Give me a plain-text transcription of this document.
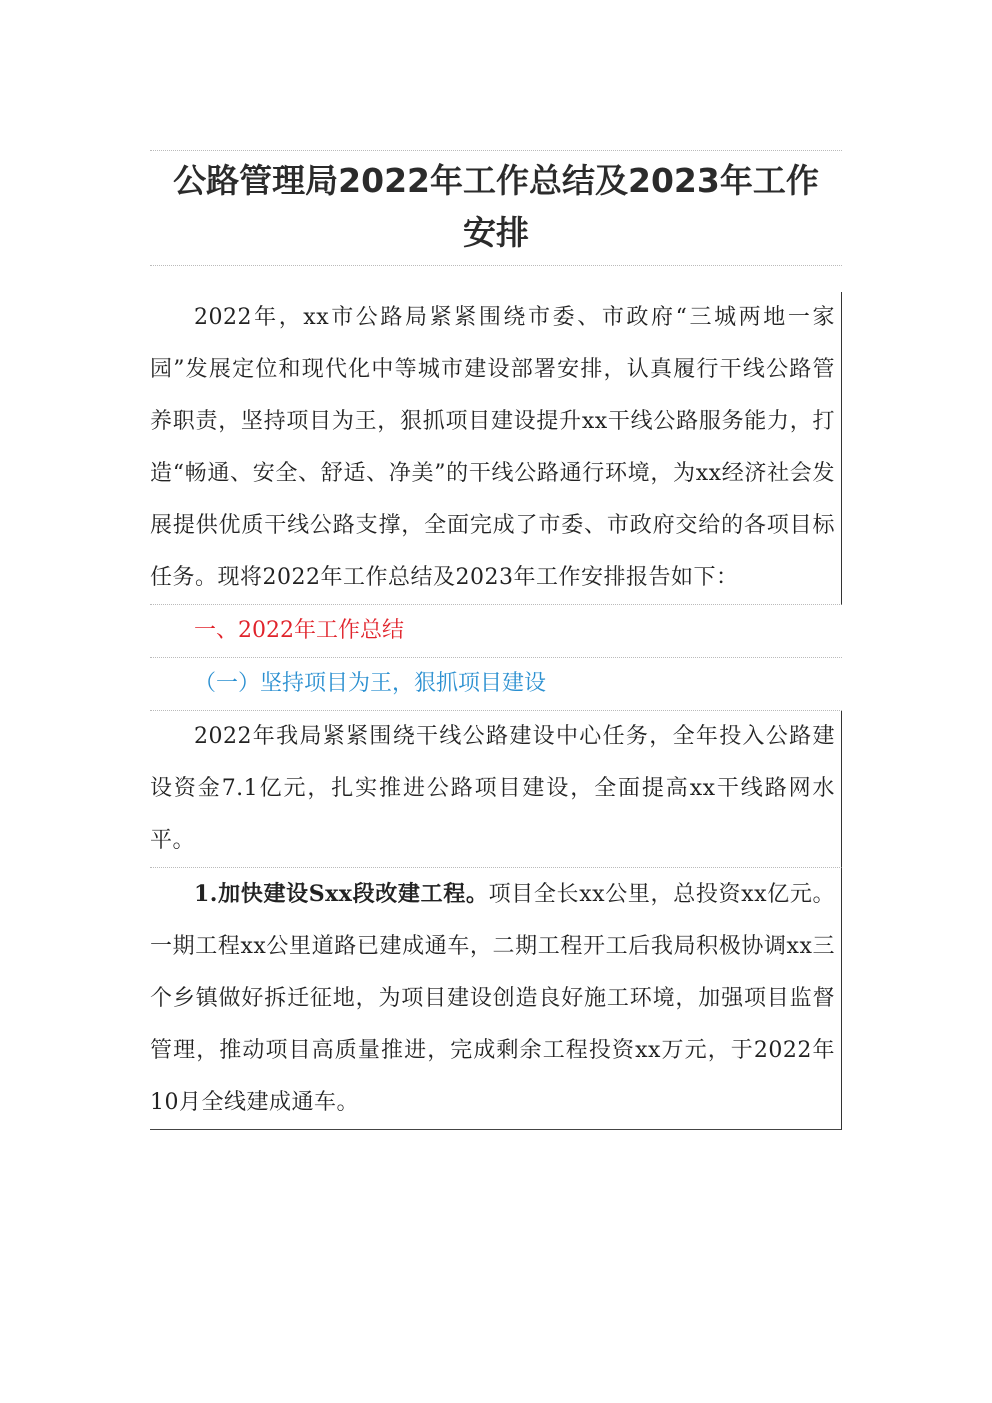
公路管理局2022年工作总结及2023年工作
安排

2022年，xx市公路局紧紧围绕市委、市政府“三城两地一家园”发展定位和现代化中等城市建设部署安排，认真履行干线公路管养职责，坚持项目为王，狠抓项目建设提升xx干线公路服务能力，打造“畅通、安全、舒适、净美”的干线公路通行环境，为xx经济社会发展提供优质干线公路支撑，全面完成了市委、市政府交给的各项目标任务。现将2022年工作总结及2023年工作安排报告如下：

一、2022年工作总结

（一）坚持项目为王，狠抓项目建设

2022年我局紧紧围绕干线公路建设中心任务，全年投入公路建设资金7.1亿元，扎实推进公路项目建设，全面提高xx干线路网水平。

1.加快建设Sxx段改建工程。项目全长xx公里，总投资xx亿元。一期工程xx公里道路已建成通车，二期工程开工后我局积极协调xx三个乡镇做好拆迁征地，为项目建设创造良好施工环境，加强项目监督管理，推动项目高质量推进，完成剩余工程投资xx万元，于2022年10月全线建成通车。
